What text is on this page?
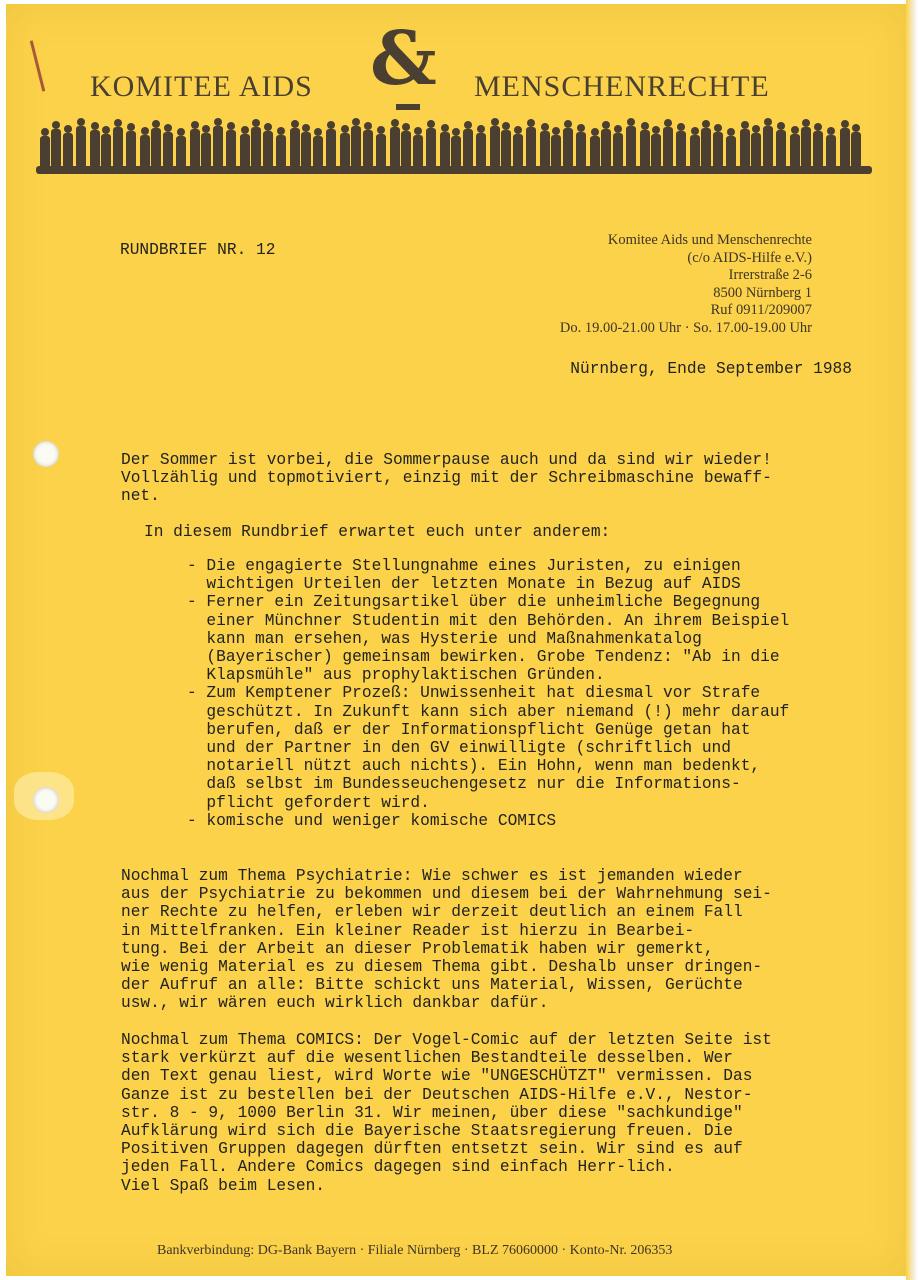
KOMITEE AIDS & MENSCHENRECHTE
RUNDBRIEF NR. 12
Komitee Aids und Menschenrechte
(c/o AIDS-Hilfe e.V.)
Irrerstraße 2-6
8500 Nürnberg 1
Ruf 0911/209007
Do. 19.00-21.00 Uhr · So. 17.00-19.00 Uhr
Nürnberg, Ende September 1988
Der Sommer ist vorbei, die Sommerpause auch und da sind wir wieder!
Vollzählig und topmotiviert, einzig mit der Schreibmaschine bewaff-
net.
In diesem Rundbrief erwartet euch unter anderem:
- Die engagierte Stellungnahme eines Juristen, zu einigen
wichtigen Urteilen der letzten Monate in Bezug auf AIDS
- Ferner ein Zeitungsartikel über die unheimliche Begegnung
einer Münchner Studentin mit den Behörden. An ihrem Beispiel
kann man ersehen, was Hysterie und Maßnahmenkatalog
(Bayerischer) gemeinsam bewirken. Grobe Tendenz: "Ab in die
Klapsmühle" aus prophylaktischen Gründen.
- Zum Kemptener Prozeß: Unwissenheit hat diesmal vor Strafe
geschützt. In Zukunft kann sich aber niemand (!) mehr darauf
berufen, daß er der Informationspflicht Genüge getan hat
und der Partner in den GV einwilligte (schriftlich und
notariell nützt auch nichts). Ein Hohn, wenn man bedenkt,
daß selbst im Bundesseuchengesetz nur die Informations-
pflicht gefordert wird.
- komische und weniger komische COMICS
Nochmal zum Thema Psychiatrie: Wie schwer es ist jemanden wieder
aus der Psychiatrie zu bekommen und diesem bei der Wahrnehmung sei-
ner Rechte zu helfen, erleben wir derzeit deutlich an einem Fall
in Mittelfranken. Ein kleiner Reader ist hierzu in Bearbei-
tung. Bei der Arbeit an dieser Problematik haben wir gemerkt,
wie wenig Material es zu diesem Thema gibt. Deshalb unser dringen-
der Aufruf an alle: Bitte schickt uns Material, Wissen, Gerüchte
usw., wir wären euch wirklich dankbar dafür.
Nochmal zum Thema COMICS: Der Vogel-Comic auf der letzten Seite ist
stark verkürzt auf die wesentlichen Bestandteile desselben. Wer
den Text genau liest, wird Worte wie "UNGESCHÜTZT" vermissen. Das
Ganze ist zu bestellen bei der Deutschen AIDS-Hilfe e.V., Nestor-
str. 8 - 9, 1000 Berlin 31. Wir meinen, über diese "sachkundige"
Aufklärung wird sich die Bayerische Staatsregierung freuen. Die
Positiven Gruppen dagegen dürften entsetzt sein. Wir sind es auf
jeden Fall. Andere Comics dagegen sind einfach Herr-lich.
Viel Spaß beim Lesen.
Bankverbindung: DG-Bank Bayern · Filiale Nürnberg · BLZ 76060000 · Konto-Nr. 206353
